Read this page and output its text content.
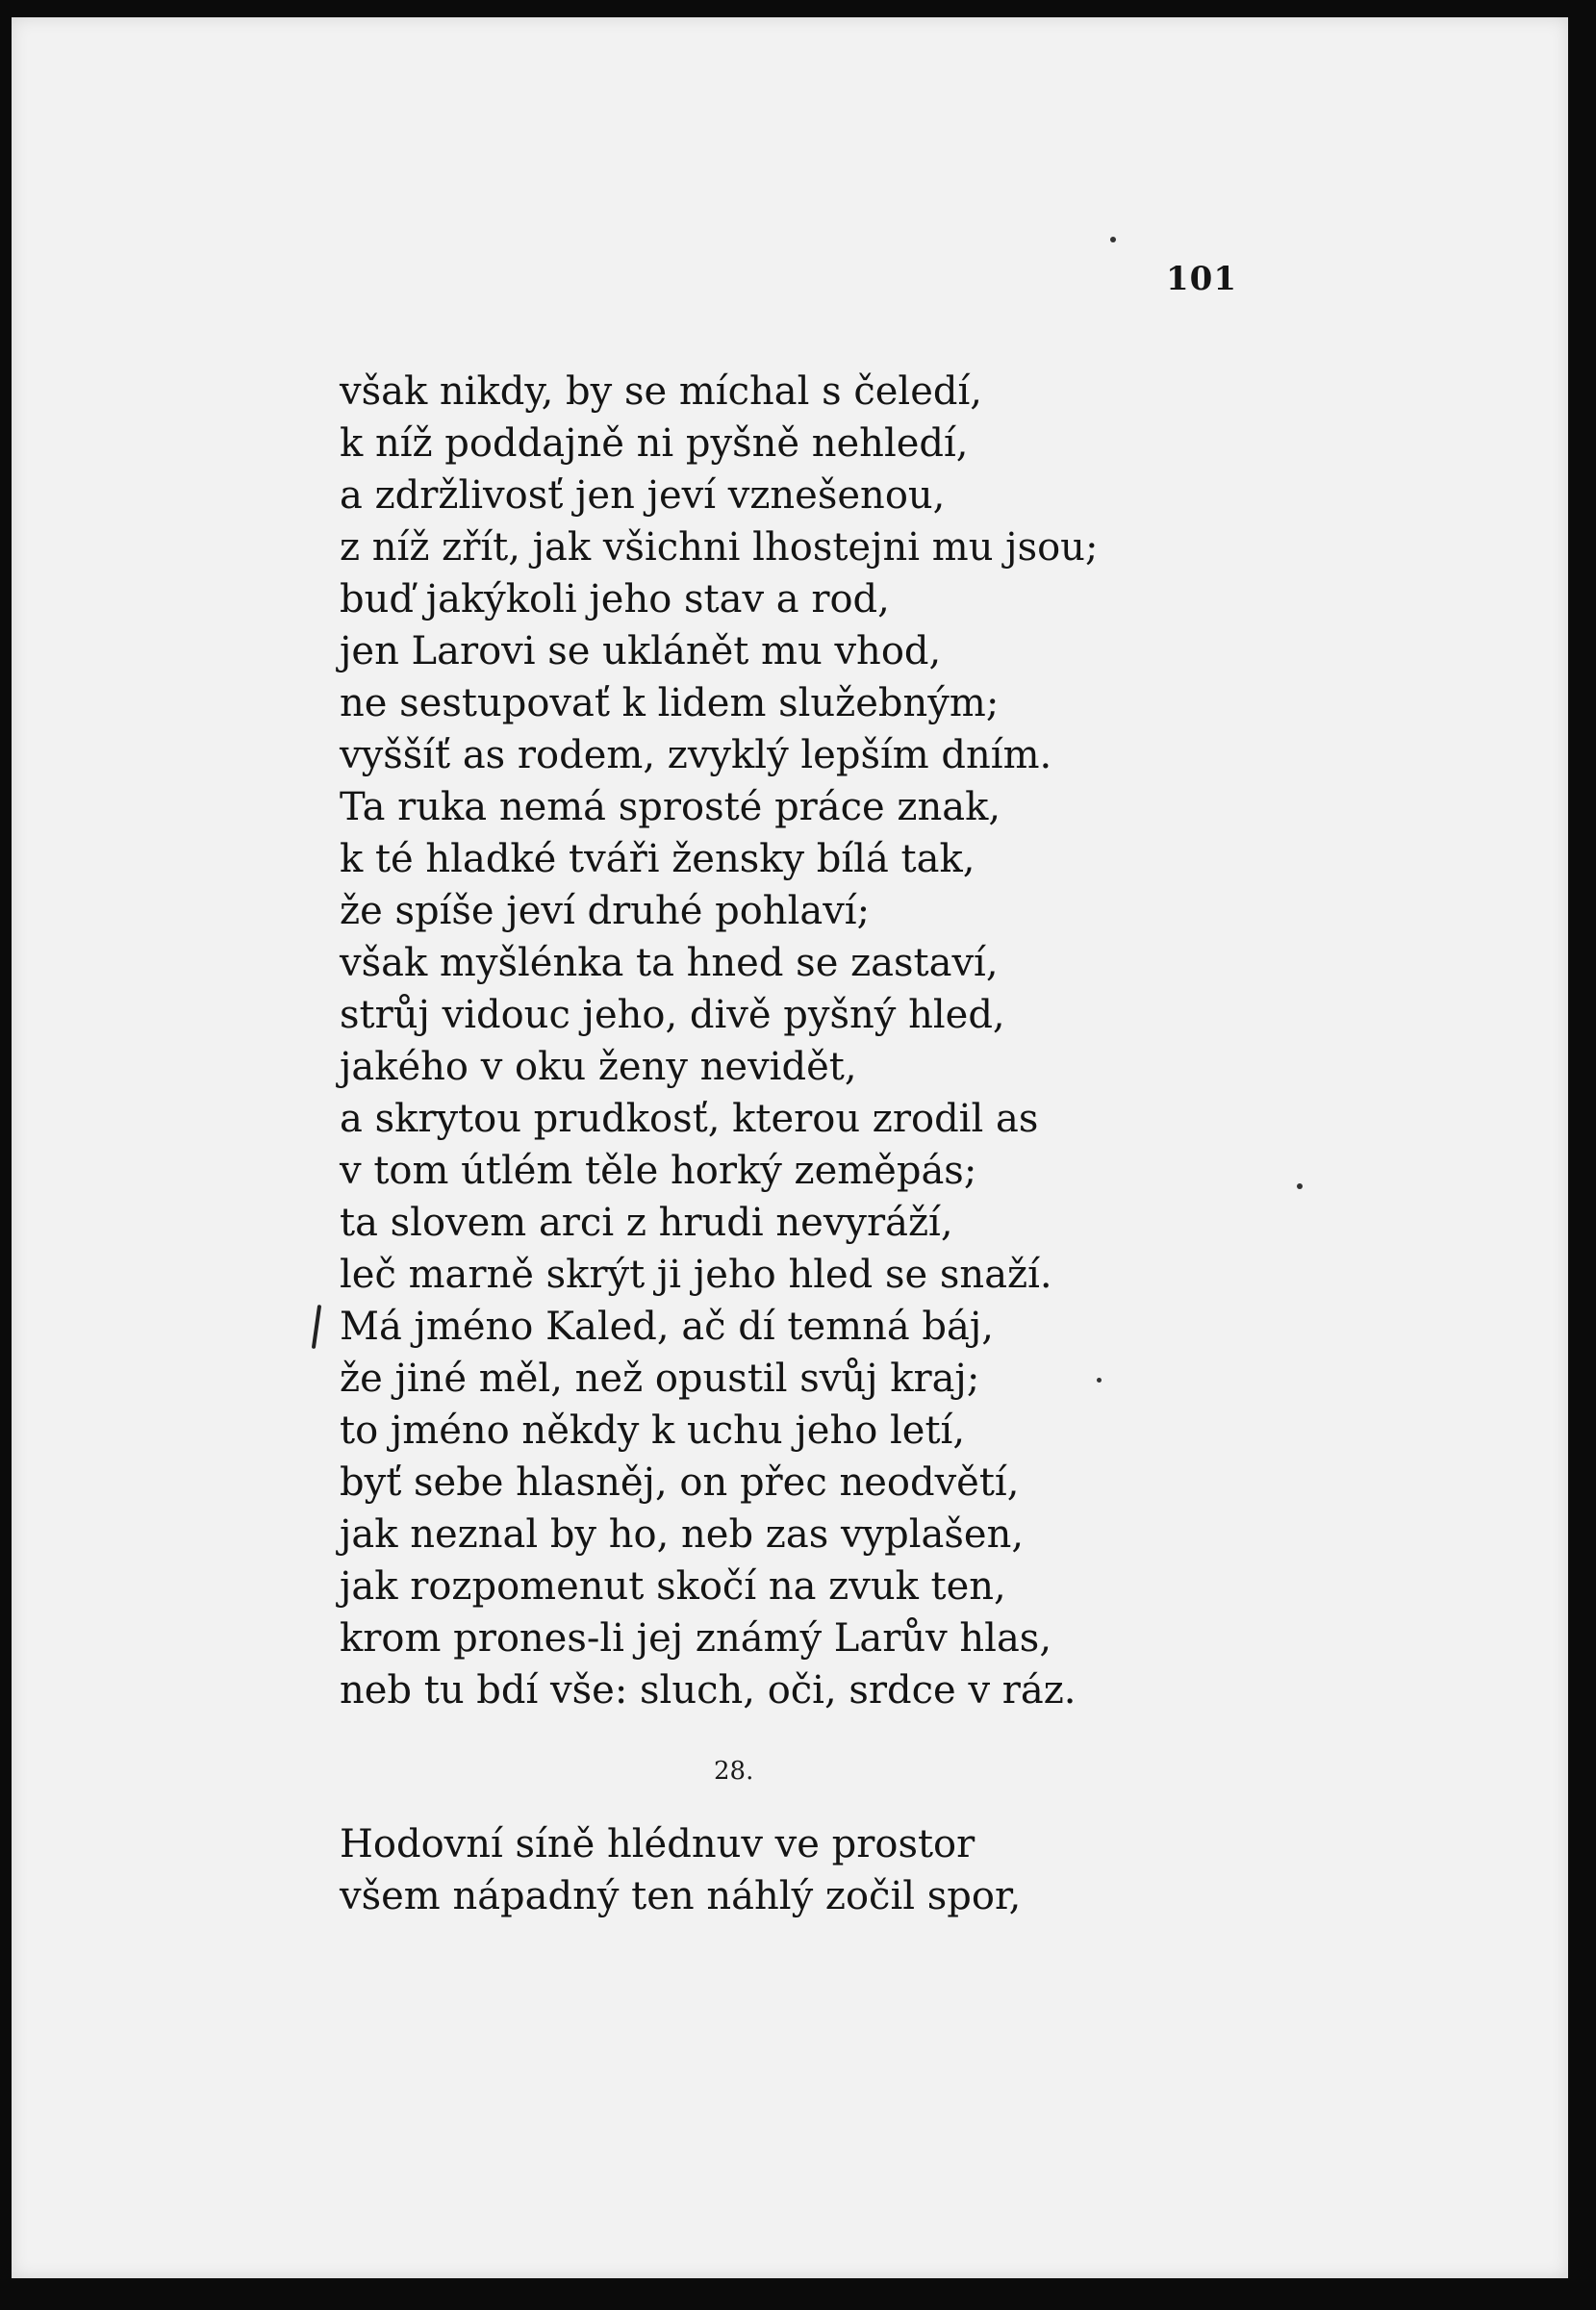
101
však nikdy, by se míchal s čeledí,
k níž poddajně ni pyšně nehledí,
a zdržlivosť jen jeví vznešenou,
z níž zřít, jak všichni lhostejni mu jsou;
buď jakýkoli jeho stav a rod,
jen Larovi se uklánět mu vhod,
ne sestupovať k lidem služebným;
vyššíť as rodem, zvyklý lepším dním.
Ta ruka nemá sprosté práce znak,
k té hladké tváři žensky bílá tak,
že spíše jeví druhé pohlaví;
však myšlénka ta hned se zastaví,
strůj vidouc jeho, divě pyšný hled,
jakého v oku ženy nevidět,
a skrytou prudkosť, kterou zrodil as
v tom útlém těle horký zeměpás;
ta slovem arci z hrudi nevyráží,
leč marně skrýt ji jeho hled se snaží.
Má jméno Kaled, ač dí temná báj,
že jiné měl, než opustil svůj kraj;
to jméno někdy k uchu jeho letí,
byť sebe hlasněj, on přec neodvětí,
jak neznal by ho, neb zas vyplašen,
jak rozpomenut skočí na zvuk ten,
krom prones-li jej známý Larův hlas,
neb tu bdí vše: sluch, oči, srdce v ráz.
28.
Hodovní síně hlédnuv ve prostor
všem nápadný ten náhlý zočil spor,
